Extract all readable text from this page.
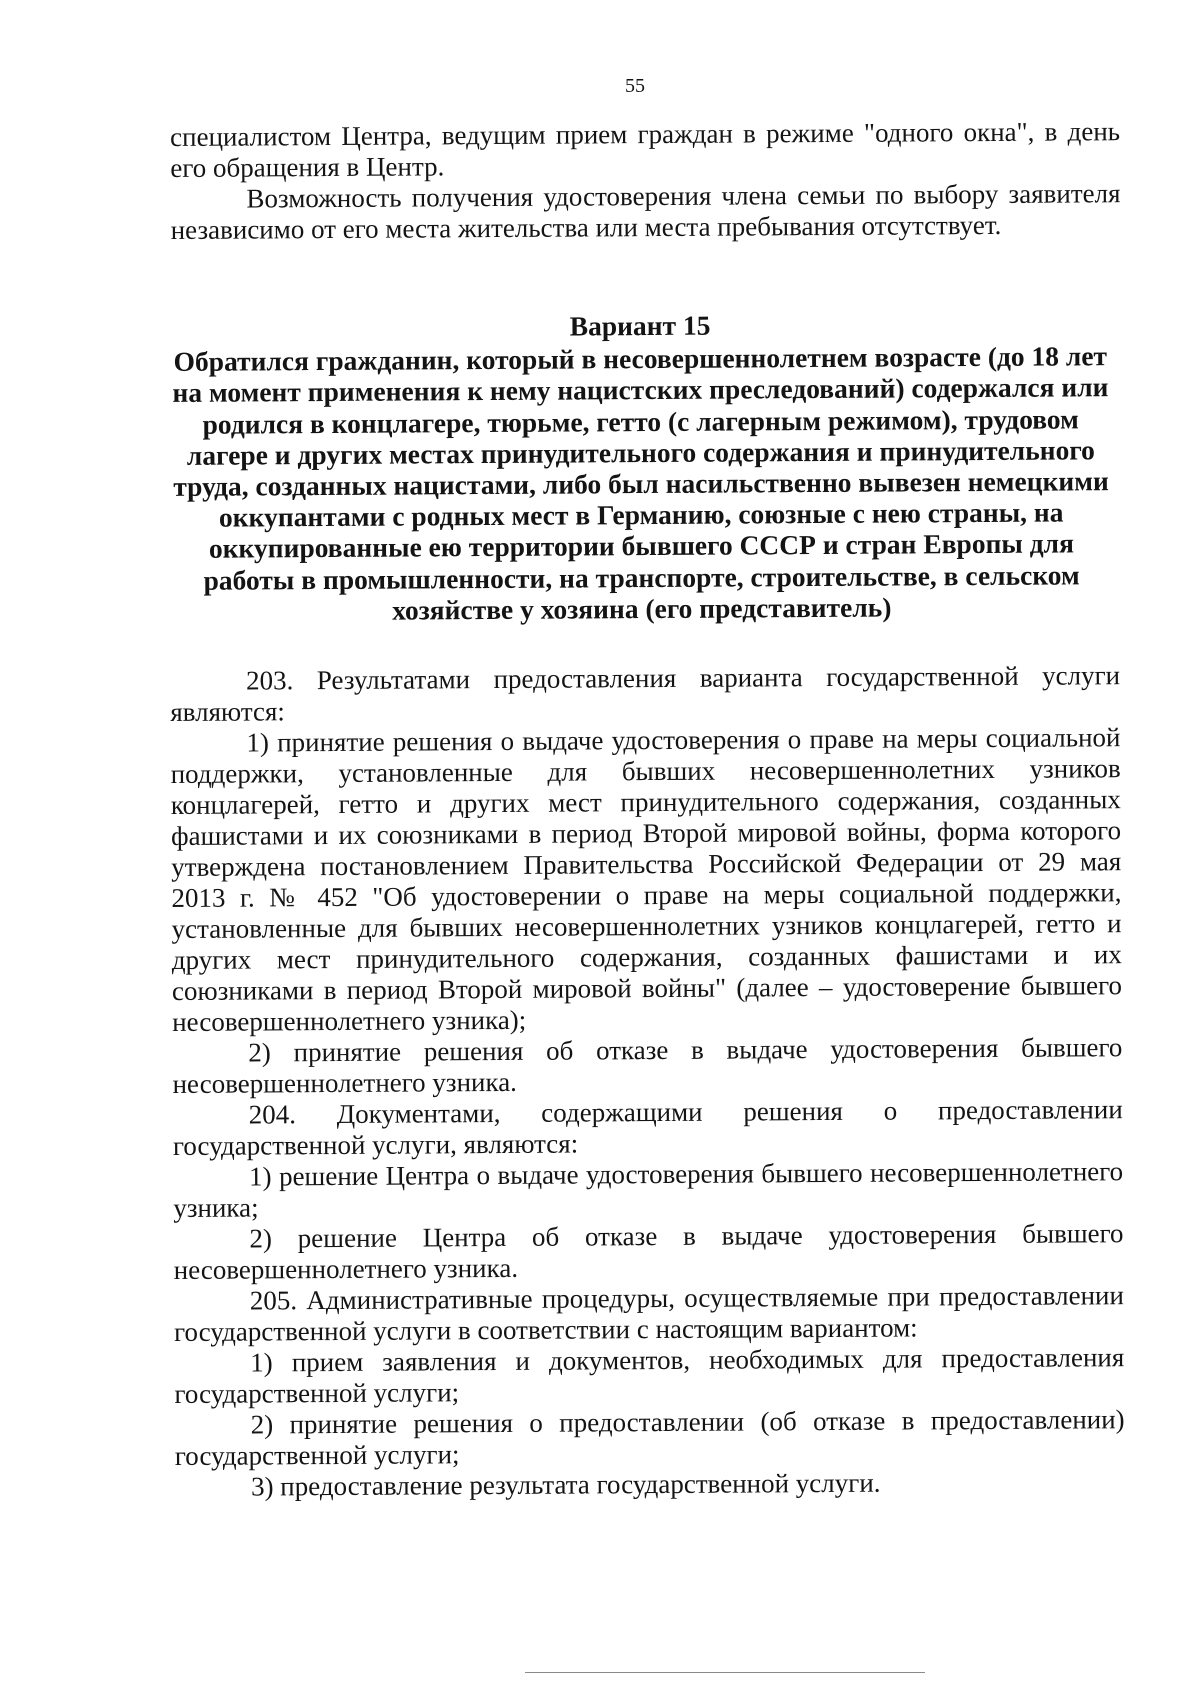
55

специалистом Центра, ведущим прием граждан в режиме "одного окна", в день его обращения в Центр.

Возможность получения удостоверения члена семьи по выбору заявителя независимо от его места жительства или места пребывания отсутствует.

Вариант 15
Обратился гражданин, который в несовершеннолетнем возрасте (до 18 лет на момент применения к нему нацистских преследований) содержался или родился в концлагере, тюрьме, гетто (с лагерным режимом), трудовом лагере и других местах принудительного содержания и принудительного труда, созданных нацистами, либо был насильственно вывезен немецкими оккупантами с родных мест в Германию, союзные с нею страны, на оккупированные ею территории бывшего СССР и стран Европы для работы в промышленности, на транспорте, строительстве, в сельском хозяйстве у хозяина (его представитель)

203. Результатами предоставления варианта государственной услуги являются:

1) принятие решения о выдаче удостоверения о праве на меры социальной поддержки, установленные для бывших несовершеннолетних узников концлагерей, гетто и других мест принудительного содержания, созданных фашистами и их союзниками в период Второй мировой войны, форма которого утверждена постановлением Правительства Российской Федерации от 29 мая 2013 г. № 452 "Об удостоверении о праве на меры социальной поддержки, установленные для бывших несовершеннолетних узников концлагерей, гетто и других мест принудительного содержания, созданных фашистами и их союзниками в период Второй мировой войны" (далее – удостоверение бывшего несовершеннолетнего узника);

2) принятие решения об отказе в выдаче удостоверения бывшего несовершеннолетнего узника.

204. Документами, содержащими решения о предоставлении государственной услуги, являются:

1) решение Центра о выдаче удостоверения бывшего несовершеннолетнего узника;

2) решение Центра об отказе в выдаче удостоверения бывшего несовершеннолетнего узника.

205. Административные процедуры, осуществляемые при предоставлении государственной услуги в соответствии с настоящим вариантом:

1) прием заявления и документов, необходимых для предоставления государственной услуги;

2) принятие решения о предоставлении (об отказе в предоставлении) государственной услуги;

3) предоставление результата государственной услуги.
